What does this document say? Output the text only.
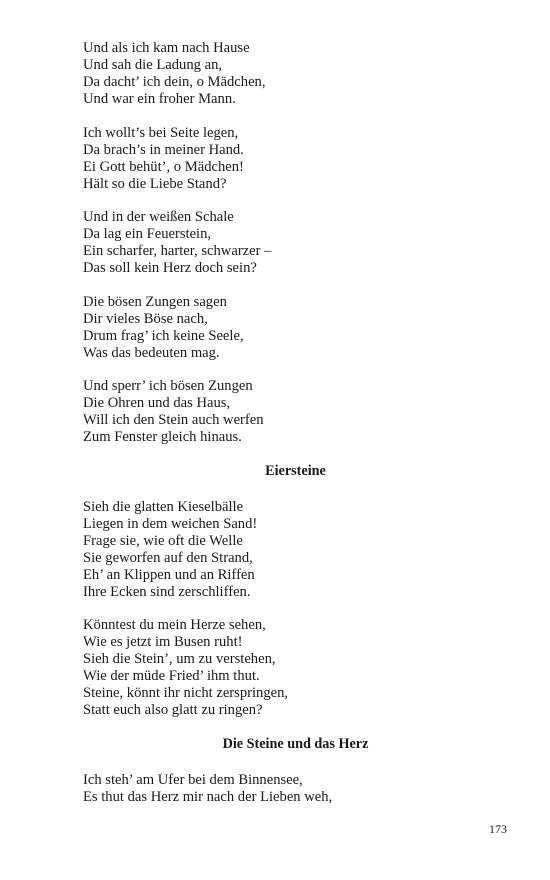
Und als ich kam nach Hause
Und sah die Ladung an,
Da dacht’ ich dein, o Mädchen,
Und war ein froher Mann.
Ich wollt’s bei Seite legen,
Da brach’s in meiner Hand.
Ei Gott behüt’, o Mädchen!
Hält so die Liebe Stand?
Und in der weißen Schale
Da lag ein Feuerstein,
Ein scharfer, harter, schwarzer –
Das soll kein Herz doch sein?
Die bösen Zungen sagen
Dir vieles Böse nach,
Drum frag’ ich keine Seele,
Was das bedeuten mag.
Und sperr’ ich bösen Zungen
Die Ohren und das Haus,
Will ich den Stein auch werfen
Zum Fenster gleich hinaus.
Eiersteine
Sieh die glatten Kieselbälle
Liegen in dem weichen Sand!
Frage sie, wie oft die Welle
Sie geworfen auf den Strand,
Eh’ an Klippen und an Riffen
Ihre Ecken sind zerschliffen.
Könntest du mein Herze sehen,
Wie es jetzt im Busen ruht!
Sieh die Stein’, um zu verstehen,
Wie der müde Fried’ ihm thut.
Steine, könnt ihr nicht zerspringen,
Statt euch also glatt zu ringen?
Die Steine und das Herz
Ich steh’ am Ufer bei dem Binnensee,
Es thut das Herz mir nach der Lieben weh,
173
